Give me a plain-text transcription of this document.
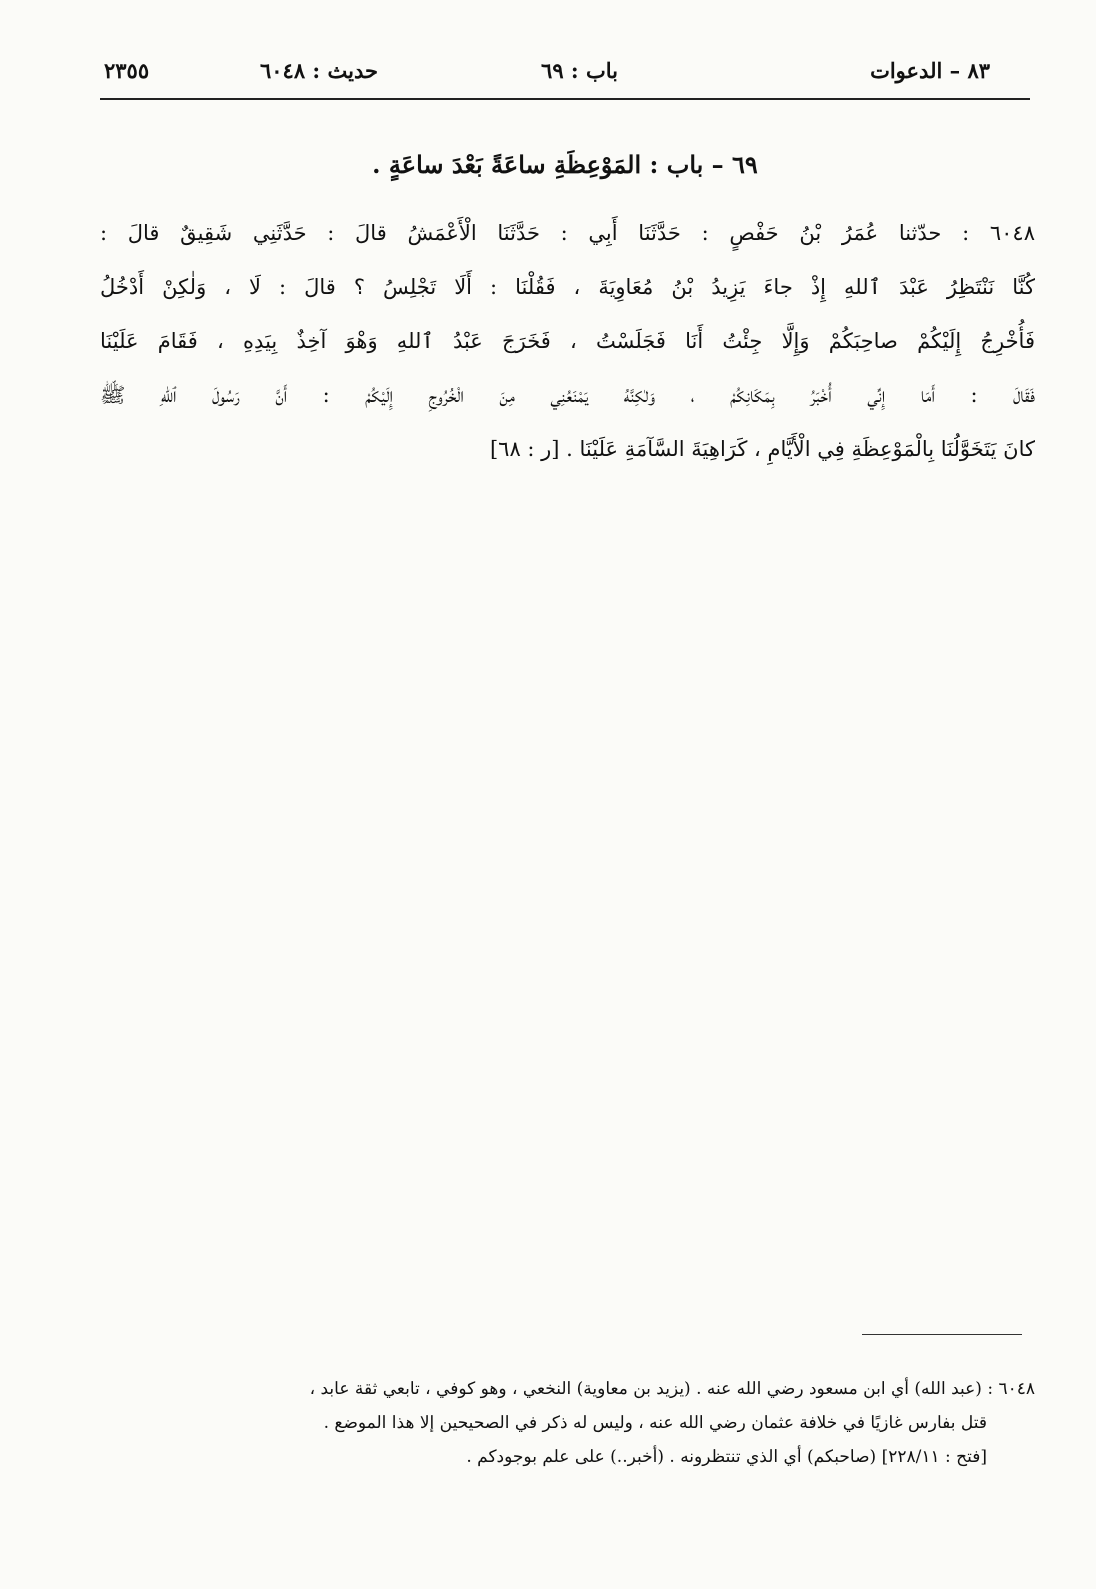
٨٣ – الدعوات
باب : ٦٩
حديث : ٦٠٤٨
٢٣٥٥
٦٩ – باب : المَوْعِظَةِ ساعَةً بَعْدَ ساعَةٍ .
٦٠٤٨ : حدّثنا عُمَرُ بْنُ حَفْصٍ : حَدَّثَنَا أَبِي : حَدَّثَنَا الْأَعْمَشُ قالَ : حَدَّثَنِي شَقِيقٌ قالَ :
كُنَّا نَنْتَظِرُ عَبْدَ ٱللهِ إِذْ جاءَ يَزِيدُ بْنُ مُعَاوِيَةَ ، فَقُلْنَا : أَلَا تَجْلِسُ ؟ قالَ : لَا ، وَلٰكِنْ أَدْخُلُ
فَأُخْرِجُ إِلَيْكُمْ صاحِبَكُمْ وَإِلَّا جِئْتُ أَنَا فَجَلَسْتُ ، فَخَرَجَ عَبْدُ ٱللهِ وَهْوَ آخِذٌ بِيَدِهِ ، فَقَامَ عَلَيْنَا
فَقَالَ : أَمَا إِنِّي أُخْبَرُ بِمَكَانِكُمْ ، وَلٰكِنَّهُ يَمْنَعُنِي مِنَ الْخُرُوجِ إِلَيْكُمْ : أَنَّ رَسُولَ ٱللهِ ﷺ
كانَ يَتَخَوَّلُنَا بِالْمَوْعِظَةِ فِي الْأَيَّامِ ، كَرَاهِيَةَ السَّآمَةِ عَلَيْنَا . [ر : ٦٨]
٦٠٤٨ : (عبد الله) أي ابن مسعود رضي الله عنه . (يزيد بن معاوية) النخعي ، وهو كوفي ، تابعي ثقة عابد ،
قتل بفارس غازيًا في خلافة عثمان رضي الله عنه ، وليس له ذكر في الصحيحين إلا هذا الموضع .
[فتح : ٢٢٨/١١] (صاحبكم) أي الذي تنتظرونه . (أخبر..) على علم بوجودكم .
